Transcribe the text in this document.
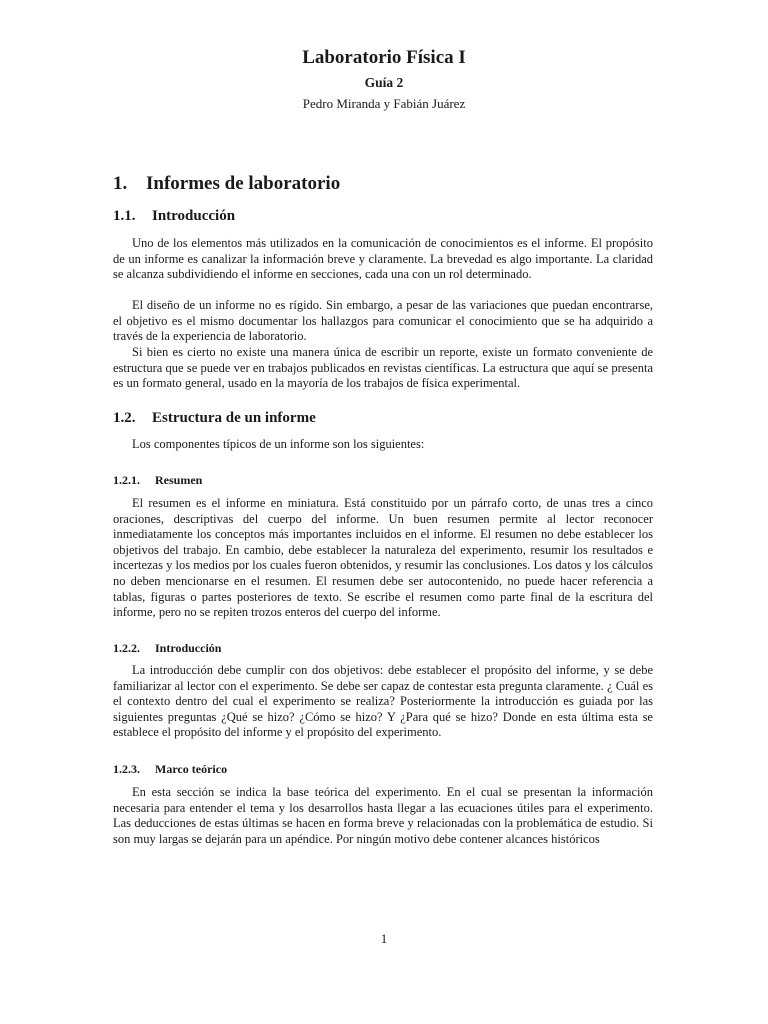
Laboratorio Física I
Guía 2
Pedro Miranda y Fabián Juárez
1. Informes de laboratorio
1.1. Introducción

Uno de los elementos más utilizados en la comunicación de conocimientos es el informe. El propósito de un informe es canalizar la información breve y claramente. La brevedad es algo importante. La claridad se alcanza subdividiendo el informe en secciones, cada una con un rol determinado.

El diseño de un informe no es rígido. Sin embargo, a pesar de las variaciones que puedan encontrarse, el objetivo es el mismo documentar los hallazgos para comunicar el conocimiento que se ha adquirido a través de la experiencia de laboratorio.

Si bien es cierto no existe una manera única de escribir un reporte, existe un formato conveniente de estructura que se puede ver en trabajos publicados en revistas científicas. La estructura que aquí se presenta es un formato general, usado en la mayoría de los trabajos de física experimental.

1.2. Estructura de un informe

Los componentes típicos de un informe son los siguientes:

1.2.1. Resumen

El resumen es el informe en miniatura. Está constituido por un párrafo corto, de unas tres a cinco oraciones, descriptivas del cuerpo del informe. Un buen resumen permite al lector reconocer inmediatamente los conceptos más importantes incluidos en el informe. El resumen no debe establecer los objetivos del trabajo. En cambio, debe establecer la naturaleza del experimento, resumir los resultados e incertezas y los medios por los cuales fueron obtenidos, y resumir las conclusiones. Los datos y los cálculos no deben mencionarse en el resumen. El resumen debe ser autocontenido, no puede hacer referencia a tablas, figuras o partes posteriores de texto. Se escribe el resumen como parte final de la escritura del informe, pero no se repiten trozos enteros del cuerpo del informe.

1.2.2. Introducción

La introducción debe cumplir con dos objetivos: debe establecer el propósito del informe, y se debe familiarizar al lector con el experimento. Se debe ser capaz de contestar esta pregunta claramente. ¿ Cuál es el contexto dentro del cual el experimento se realiza? Posteriormente la introducción es guiada por las siguientes preguntas ¿Qué se hizo? ¿Cómo se hizo? Y ¿Para qué se hizo? Donde en esta última esta se establece el propósito del informe y el propósito del experimento.

1.2.3. Marco teórico

En esta sección se indica la base teórica del experimento. En el cual se presentan la información necesaria para entender el tema y los desarrollos hasta llegar a las ecuaciones útiles para el experimento. Las deducciones de estas últimas se hacen en forma breve y relacionadas con la problemática de estudio. Si son muy largas se dejarán para un apéndice. Por ningún motivo debe contener alcances históricos

1
